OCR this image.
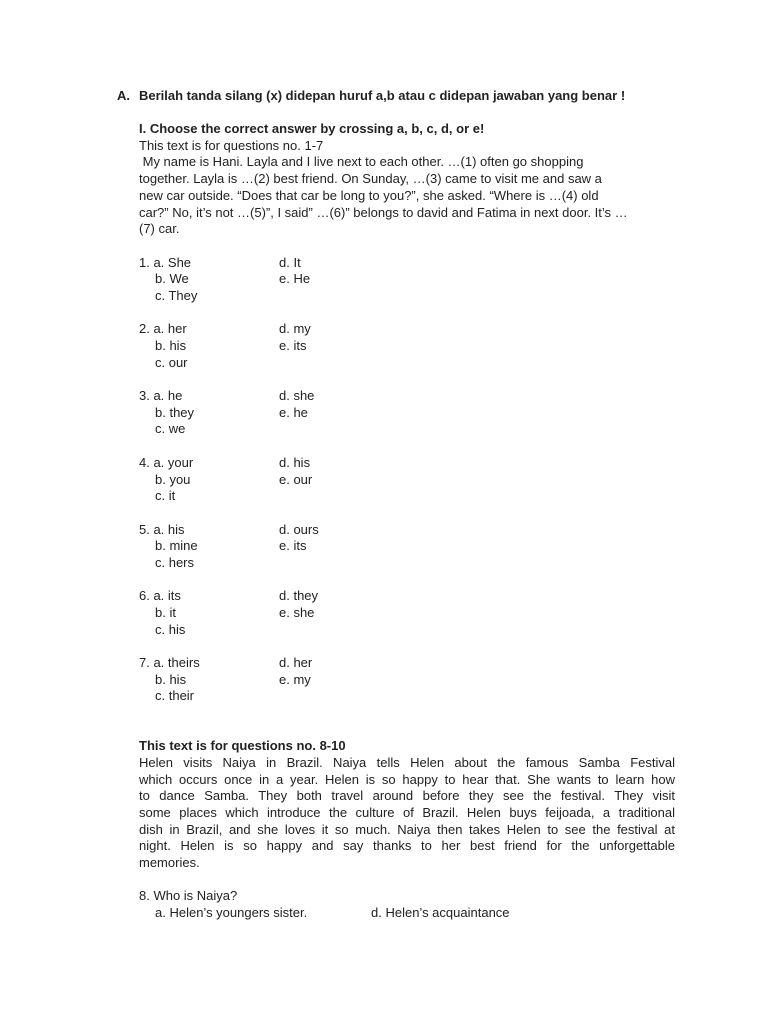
A. Berilah tanda silang (x) didepan huruf a,b atau c didepan jawaban yang benar !
I. Choose the correct answer by crossing a, b, c, d, or e!
This text is for questions no. 1-7
My name is Hani. Layla and I live next to each other. …(1) often go shopping
together. Layla is …(2) best friend. On Sunday, …(3) came to visit me and saw a
new car outside. “Does that car be long to you?”, she asked. “Where is …(4) old
car?” No, it’s not …(5)”, I said” …(6)” belongs to david and Fatima in next door. It’s …
(7) car.
1. a. She	d. It
b. We	e. He
c. They
2. a. her	d. my
b. his	e. its
c. our
3. a. he	d. she
b. they	e. he
c. we
4. a. your	d. his
b. you	e. our
c. it
5. a. his	d. ours
b. mine	e. its
c. hers
6. a. its	d. they
b. it	e. she
c. his
7. a. theirs	d. her
b. his	e. my
c. their
This text is for questions no. 8-10
Helen visits Naiya in Brazil. Naiya tells Helen about the famous Samba Festival
which occurs once in a year. Helen is so happy to hear that. She wants to learn how
to dance Samba. They both travel around before they see the festival. They visit
some places which introduce the culture of Brazil. Helen buys feijoada, a traditional
dish in Brazil, and she loves it so much. Naiya then takes Helen to see the festival at
night. Helen is so happy and say thanks to her best friend for the unforgettable
memories.
8. Who is Naiya?
a. Helen’s youngers sister.	d. Helen’s acquaintance
